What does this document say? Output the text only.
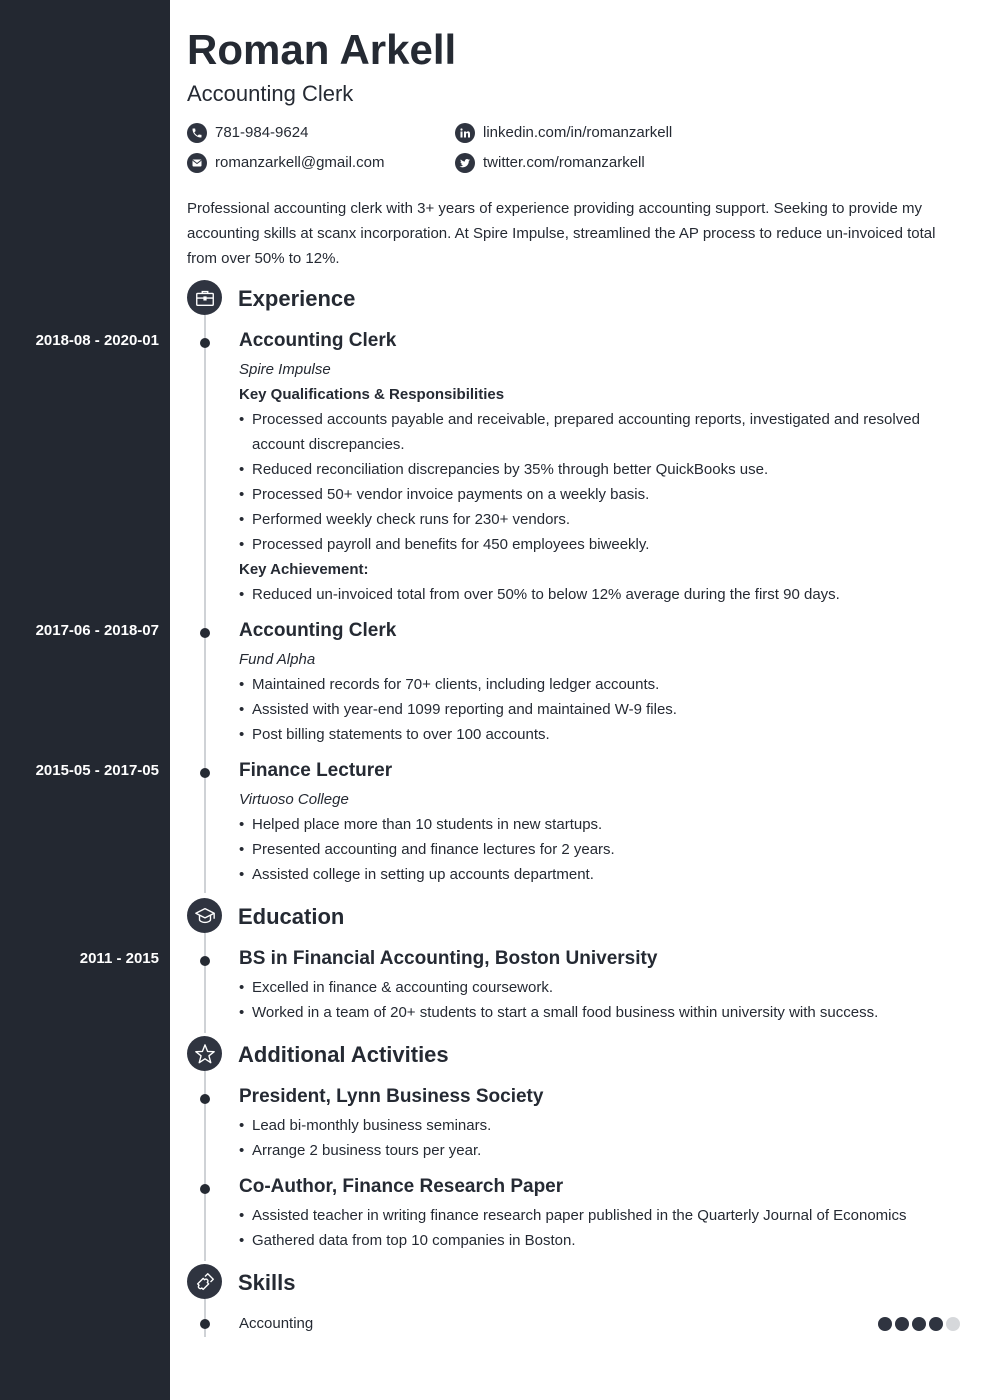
Roman Arkell
Accounting Clerk
781-984-9624
romanzarkell@gmail.com
linkedin.com/in/romanzarkell
twitter.com/romanzarkell
Professional accounting clerk with 3+ years of experience providing accounting support. Seeking to provide my accounting skills at scanx incorporation. At Spire Impulse, streamlined the AP process to reduce un-invoiced total from over 50% to 12%.
Experience
2018-08 - 2020-01	Accounting Clerk
Spire Impulse
Key Qualifications & Responsibilities
• Processed accounts payable and receivable, prepared accounting reports, investigated and resolved account discrepancies.
• Reduced reconciliation discrepancies by 35% through better QuickBooks use.
• Processed 50+ vendor invoice payments on a weekly basis.
• Performed weekly check runs for 230+ vendors.
• Processed payroll and benefits for 450 employees biweekly.
Key Achievement:
• Reduced un-invoiced total from over 50% to below 12% average during the first 90 days.
2017-06 - 2018-07	Accounting Clerk
Fund Alpha
• Maintained records for 70+ clients, including ledger accounts.
• Assisted with year-end 1099 reporting and maintained W-9 files.
• Post billing statements to over 100 accounts.
2015-05 - 2017-05	Finance Lecturer
Virtuoso College
• Helped place more than 10 students in new startups.
• Presented accounting and finance lectures for 2 years.
• Assisted college in setting up accounts department.
Education
2011 - 2015	BS in Financial Accounting, Boston University
• Excelled in finance & accounting coursework.
• Worked in a team of 20+ students to start a small food business within university with success.
Additional Activities
President, Lynn Business Society
• Lead bi-monthly business seminars.
• Arrange 2 business tours per year.
Co-Author, Finance Research Paper
• Assisted teacher in writing finance research paper published in the Quarterly Journal of Economics
• Gathered data from top 10 companies in Boston.
Skills
Accounting
